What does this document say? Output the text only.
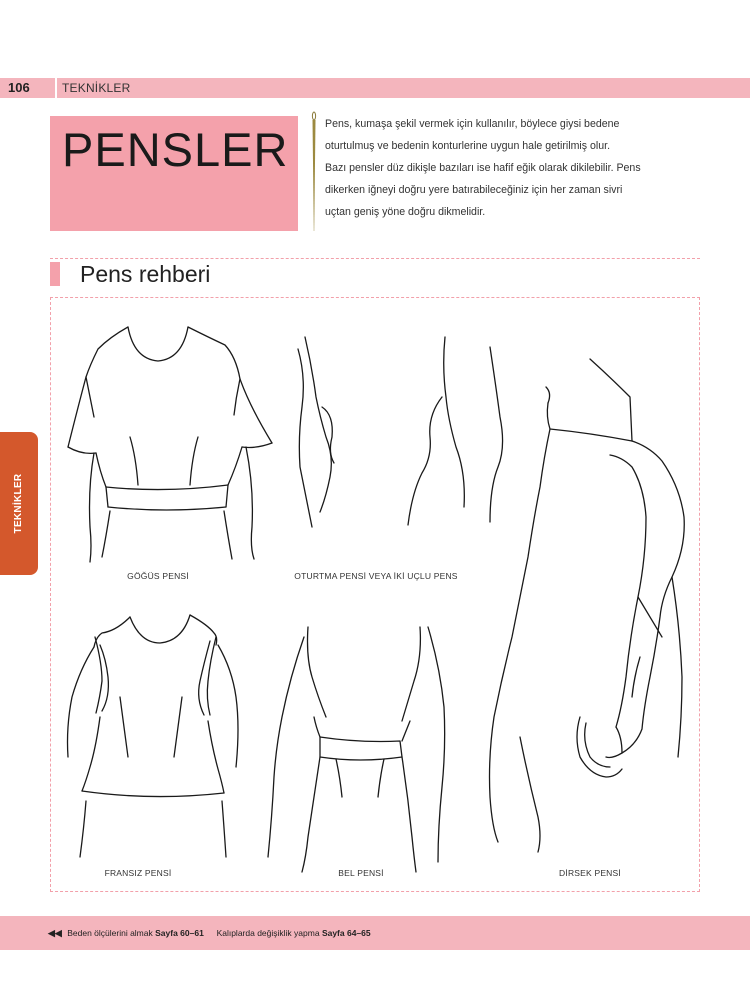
106	TEKNİKLER
TEKNİKLER
PENSLER	Pens, kumaşa şekil vermek için kullanılır, böylece giysi bedene
oturtulmuş ve bedenin konturlerine uygun hale getirilmiş olur.
Bazı pensler düz dikişle bazıları ise hafif eğik olarak dikilebilir. Pens
dikerken iğneyi doğru yere batırabileceğiniz için her zaman sivri
uçtan geniş yöne doğru dikmelidir.
Pens rehberi
GÖĞÜS PENSİ	OTURTMA PENSİ VEYA İKİ UÇLU PENS
FRANSIZ PENSİ	BEL PENSİ	DİRSEK PENSİ
◀◀ Beden ölçülerini almak Sayfa 60–61 Kalıplarda değişiklik yapma Sayfa 64–65
